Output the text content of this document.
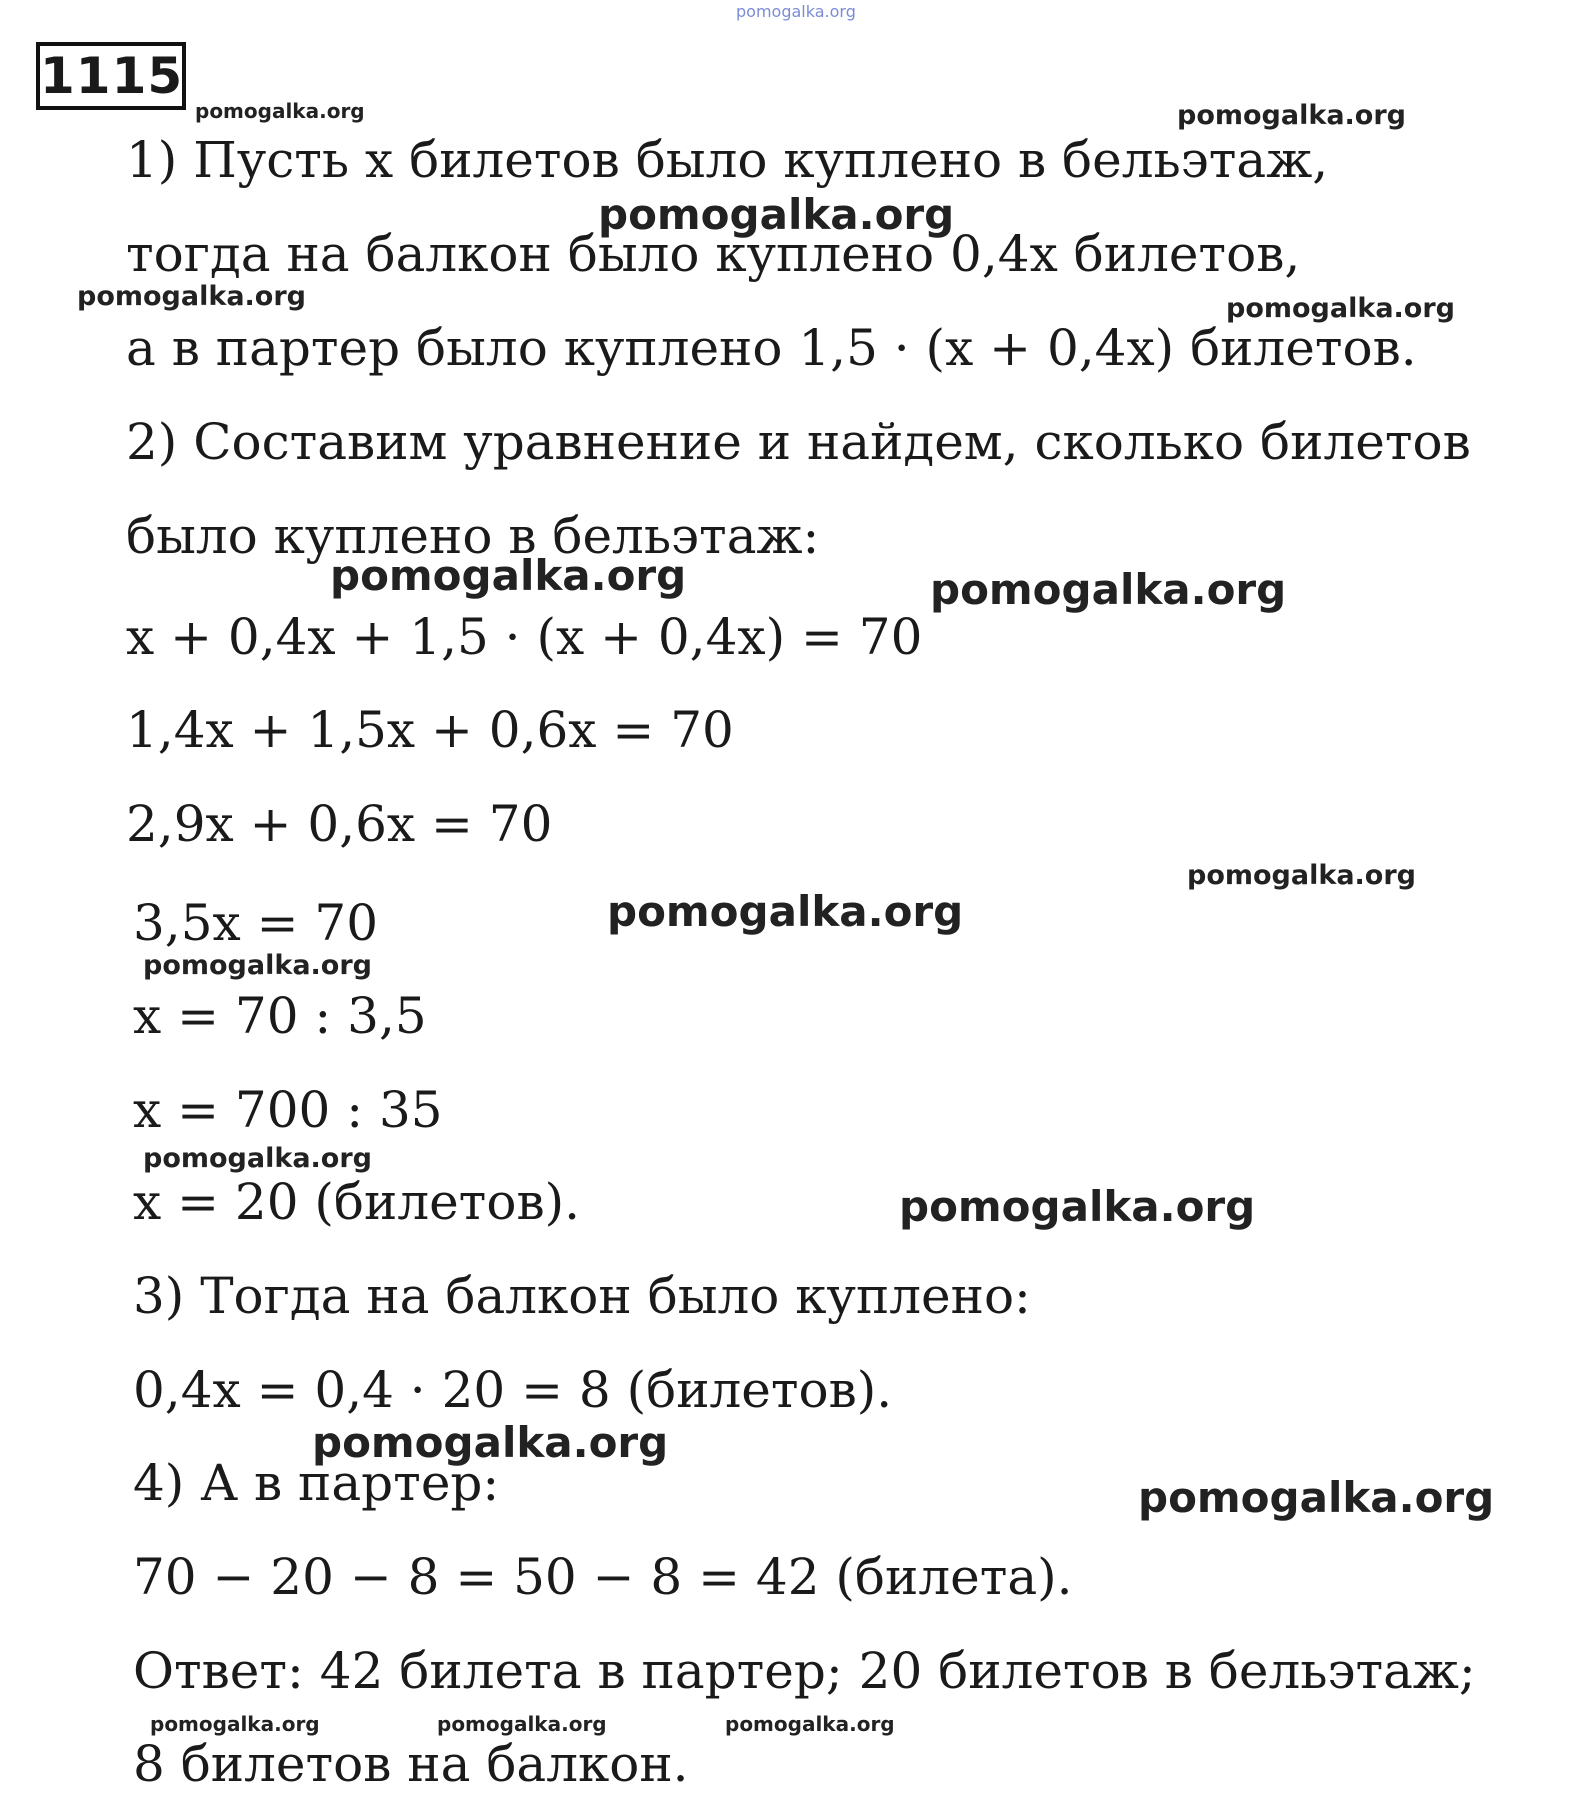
pomogalka.org
pomogalka.org	pomogalka.org
pomogalka.org
pomogalka.org	pomogalka.org
pomogalka.org	pomogalka.org
pomogalka.org
pomogalka.org
pomogalka.org
pomogalka.org
pomogalka.org
pomogalka.org
pomogalka.org
pomogalka.org	pomogalka.org	pomogalka.org
1115
1) Пусть x билетов было куплено в бельэтаж,
тогда на балкон было куплено 0,4x билетов,
а в партер было куплено 1,5 · (x + 0,4x) билетов.
2) Составим уравнение и найдем, сколько билетов
было куплено в бельэтаж:
x + 0,4x + 1,5 · (x + 0,4x) = 70
1,4x + 1,5x + 0,6x = 70
2,9x + 0,6x = 70
3,5x = 70
x = 70 : 3,5
x = 700 : 35
x = 20 (билетов).
3) Тогда на балкон было куплено:
0,4x = 0,4 · 20 = 8 (билетов).
4) А в партер:
70 − 20 − 8 = 50 − 8 = 42 (билета).
Ответ: 42 билета в партер; 20 билетов в бельэтаж;
8 билетов на балкон.
